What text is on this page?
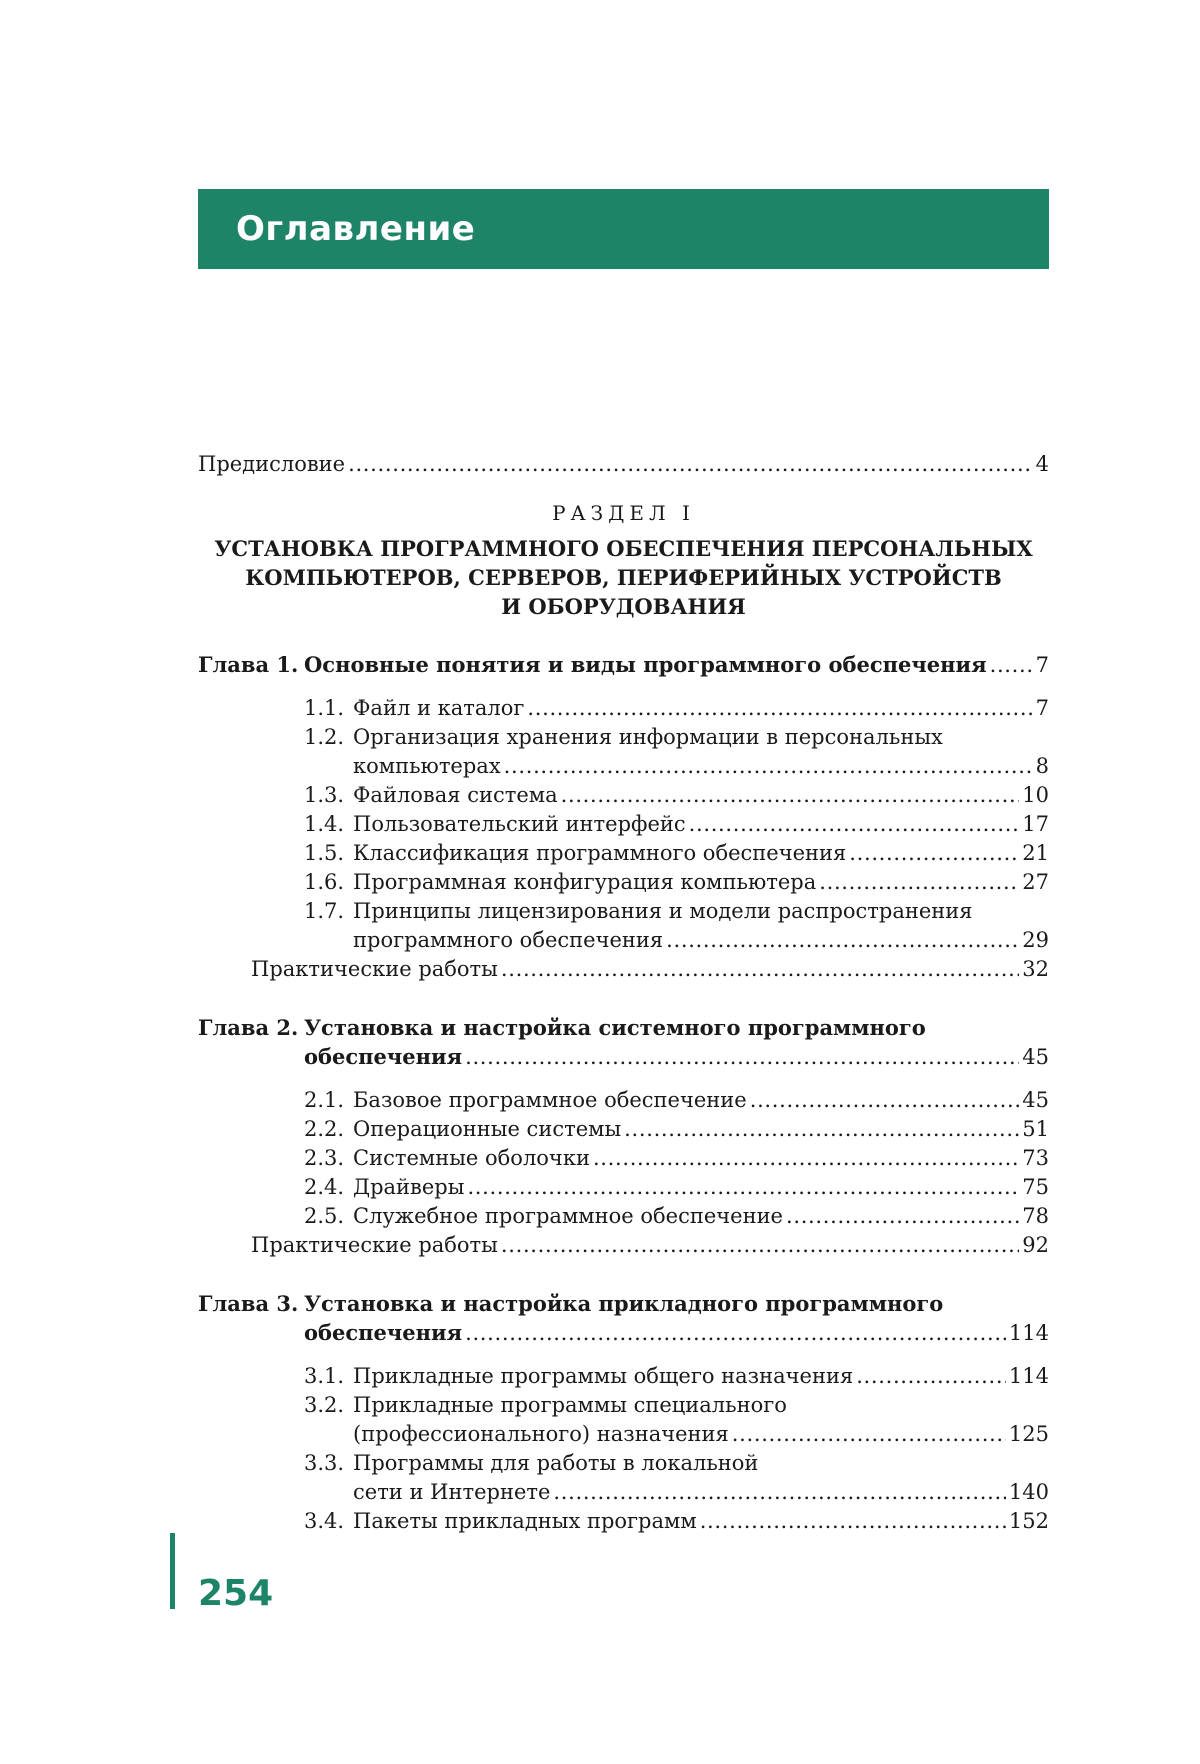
Оглавление
Предисловие . . .	4
РАЗДЕЛ I
УСТАНОВКА ПРОГРАММНОГО ОБЕСПЕЧЕНИЯ ПЕРСОНАЛЬНЫХ
КОМПЬЮТЕРОВ, СЕРВЕРОВ, ПЕРИФЕРИЙНЫХ УСТРОЙСТВ
И ОБОРУДОВАНИЯ
Глава 1. Основные понятия и виды программного обеспечения . . . 7
1.1. Файл и каталог . . .	7
1.2. Организация хранения информации в персональных
компьютерах . . .	8
1.3. Файловая система . . .	10
1.4. Пользовательский интерфейс . . .	17
1.5. Классификация программного обеспечения . . .	21
1.6. Программная конфигурация компьютера . . .	27
1.7. Принципы лицензирования и модели распространения
программного обеспечения . . .	29
Практические работы . . .	32
Глава 2. Установка и настройка системного программного
обеспечения . . .	45
2.1. Базовое программное обеспечение . . .	45
2.2. Операционные системы . . .	51
2.3. Системные оболочки . . .	73
2.4. Драйверы . . .	75
2.5. Служебное программное обеспечение . . .	78
Практические работы . . .	92
Глава 3. Установка и настройка прикладного программного
обеспечения . . .	114
3.1. Прикладные программы общего назначения . . .	114
3.2. Прикладные программы специального
(профессионального) назначения . . .	125
3.3. Программы для работы в локальной
сети и Интернете . . .	140
3.4. Пакеты прикладных программ . . .	152
254
